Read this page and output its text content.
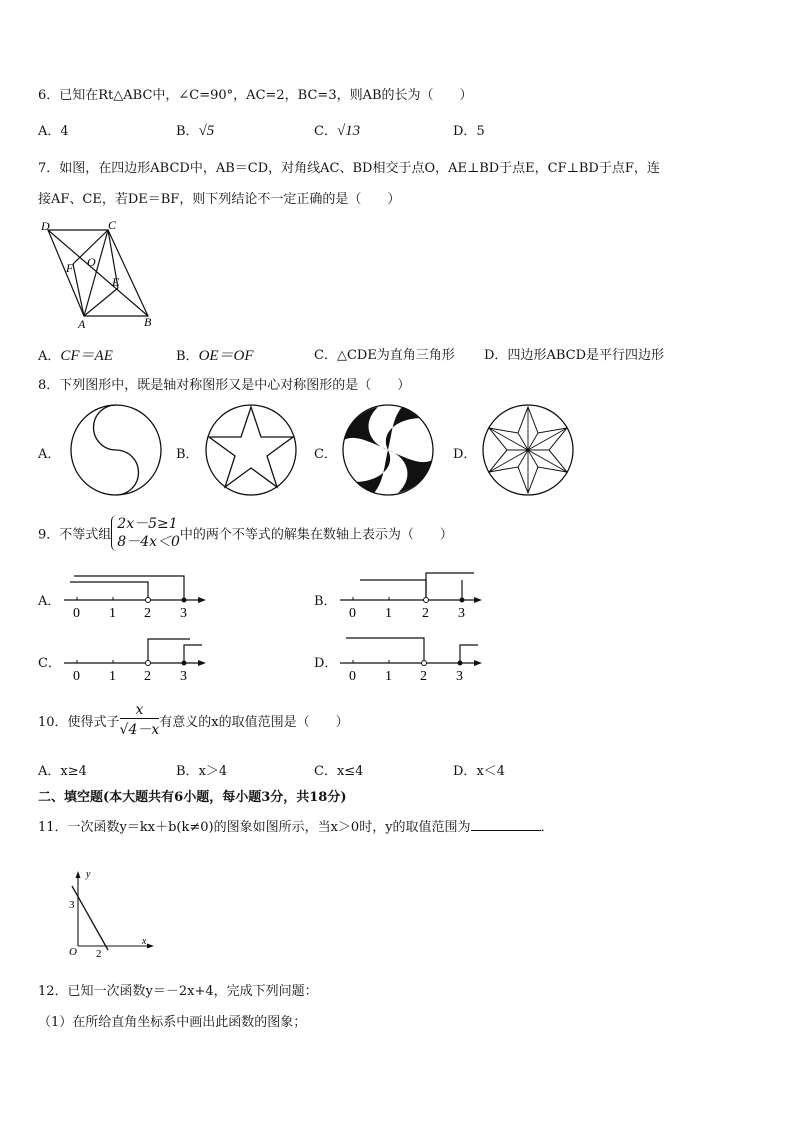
6．已知在Rt△ABC中，∠C=90°，AC=2，BC=3，则AB的长为（　　）
A．4	B．√5	C．√13	D．5
7．如图，在四边形ABCD中，AB＝CD，对角线AC、BD相交于点O，AE⊥BD于点E，CF⊥BD于点F，连
接AF、CE，若DE＝BF，则下列结论不一定正确的是（　　）
D	C
F O
E
A	B
A．CF＝AE	B．OE＝OF	C．△CDE为直角三角形 D．四边形ABCD是平行四边形
8．下列图形中，既是轴对称图形又是中心对称图形的是（　　）
A．	B．	C．	D．
9．不等式组
2x－5≥1
8－4x＜0 中的两个不等式的解集在数轴上表示为（　　）
A．
0 1 2 3
B．
0 1 2 3
C．
0 1 2 3
D．
0 1 2 3
10．使得式子 $\frac{x}{√4-x}$ 有意义的x的取值范围是（　　）
A．x≥4	B．x＞4	C．x≤4	D．x＜4
二、填空题(本大题共有6小题，每小题3分，共18分)
11．一次函数y＝kx＋b(k≠0)的图象如图所示，当x＞0时，y的取值范围为	．
y
x
O
3
2
12．已知一次函数y＝－2x+4，完成下列问题：
（1）在所给直角坐标系中画出此函数的图象；
